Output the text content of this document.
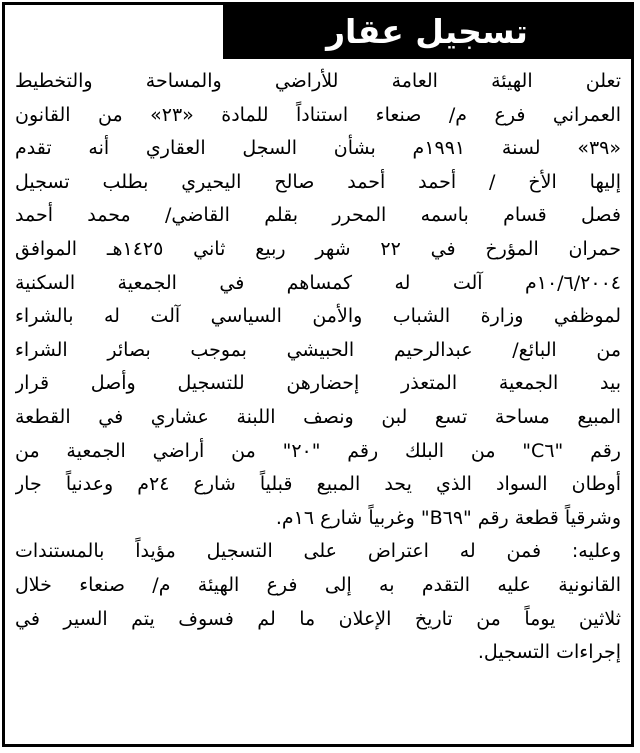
تسجيل عقار
تعلن الهيئة العامة للأراضي والمساحة والتخطيط
العمراني فرع م/ صنعاء استناداً للمادة «٢٣» من القانون
«٣٩» لسنة ١٩٩١م بشأن السجل العقاري أنه تقدم
إليها الأخ / أحمد أحمد صالح اليحيري بطلب تسجيل
فصل قسام باسمه المحرر بقلم القاضي/ محمد أحمد
حمران المؤرخ في ٢٢ شهر ربيع ثاني ١٤٢٥هـ الموافق
١٠/٦/٢٠٠٤م آلت له كمساهم في الجمعية السكنية
لموظفي وزارة الشباب والأمن السياسي آلت له بالشراء
من البائع/ عبدالرحيم الحبيشي بموجب بصائر الشراء
بيد الجمعية المتعذر إحضارهن للتسجيل وأصل قرار
المبيع مساحة تسع لبن ونصف اللبنة عشاري في القطعة
رقم "C٦" من البلك رقم "٢٠" من أراضي الجمعية من
أوطان السواد الذي يحد المبيع قبلياً شارع ٢٤م وعدنياً جار
وشرقياً قطعة رقم "B٦٩" وغربياً شارع ١٦م.
وعليه: فمن له اعتراض على التسجيل مؤيداً بالمستندات
القانونية عليه التقدم به إلى فرع الهيئة م/ صنعاء خلال
ثلاثين يوماً من تاريخ الإعلان ما لم فسوف يتم السير في
إجراءات التسجيل.
